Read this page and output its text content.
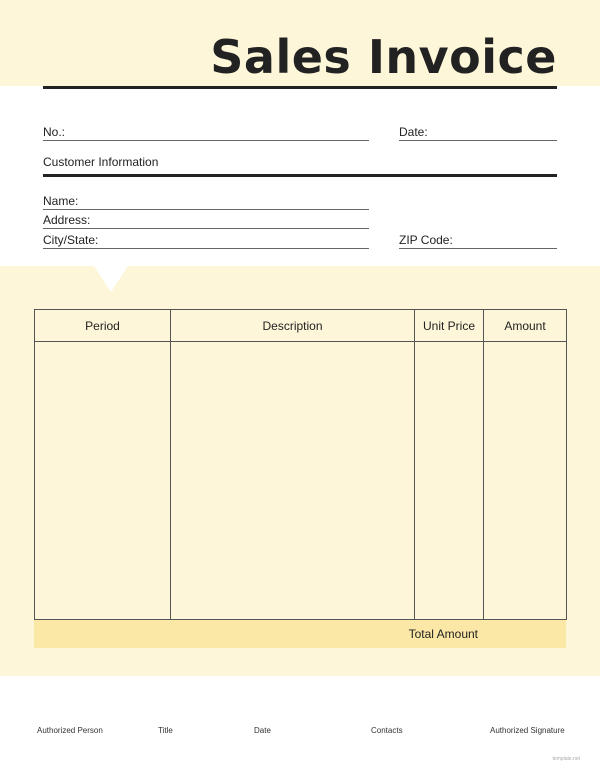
Sales Invoice
No.:	Date:
Customer Information
Name:
Address:
City/State:	ZIP Code:
Period	Description	Unit Price	Amount

Total Amount
Authorized Person	Title	Date	Contacts	Authorized Signature
template.net
